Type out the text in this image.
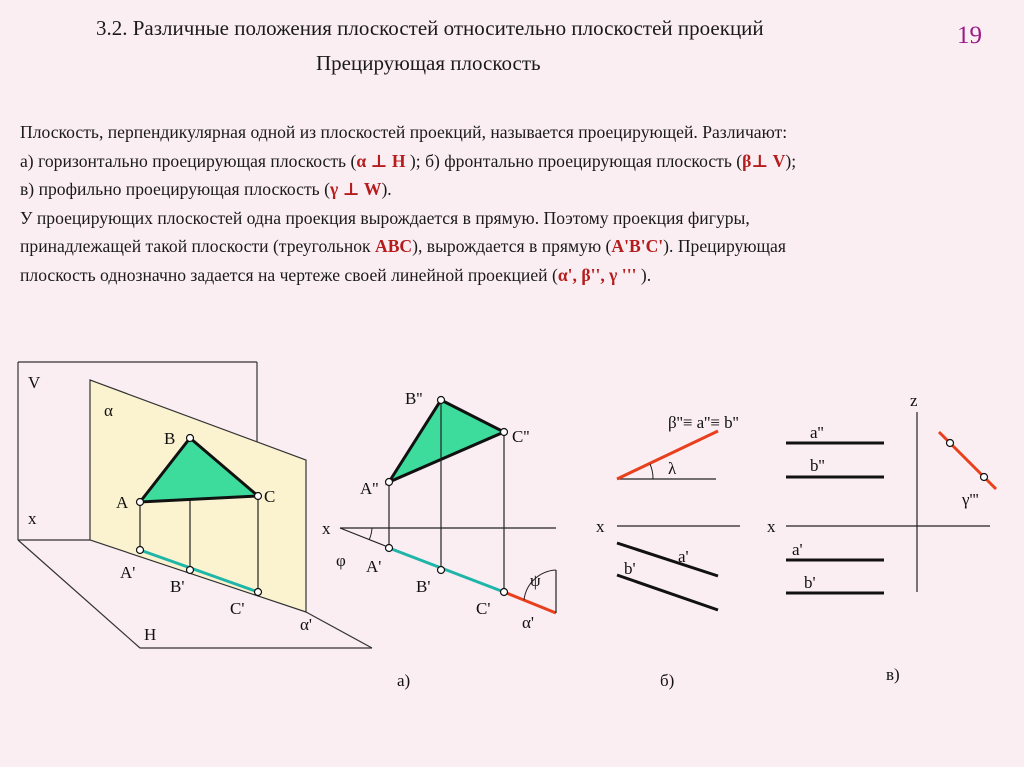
3.2. Различные положения плоскостей относительно плоскостей проекций
Прецирующая плоскость
19
Плоскость, перпендикулярная одной из плоскостей проекций, называется проецирующей. Различают:
а) горизонтально проецирующая плоскость (α ⊥ H ); б) фронтально проецирующая плоскость (β⊥ V);
в) профильно проецирующая плоскость (γ ⊥ W).
У проецирующих плоскостей одна проекция вырождается в прямую. Поэтому проекция фигуры,
принадлежащей такой плоскости (треугольнок АВС), вырождается в прямую (А'В'С'). Прецирующая
плоскость однозначно задается на чертеже своей линейной проекцией (α', β'', γ ''' ).
V
H
x
α
A
B
C
A'
B'
C'
α'
x
φ
ψ
B''
C''
A''
A'
B'
C'
α'
а)
β''≡ a''≡ b''
λ
x
a'
b'
б)
z
x
a''
b''
a'
b'
γ'''
в)
